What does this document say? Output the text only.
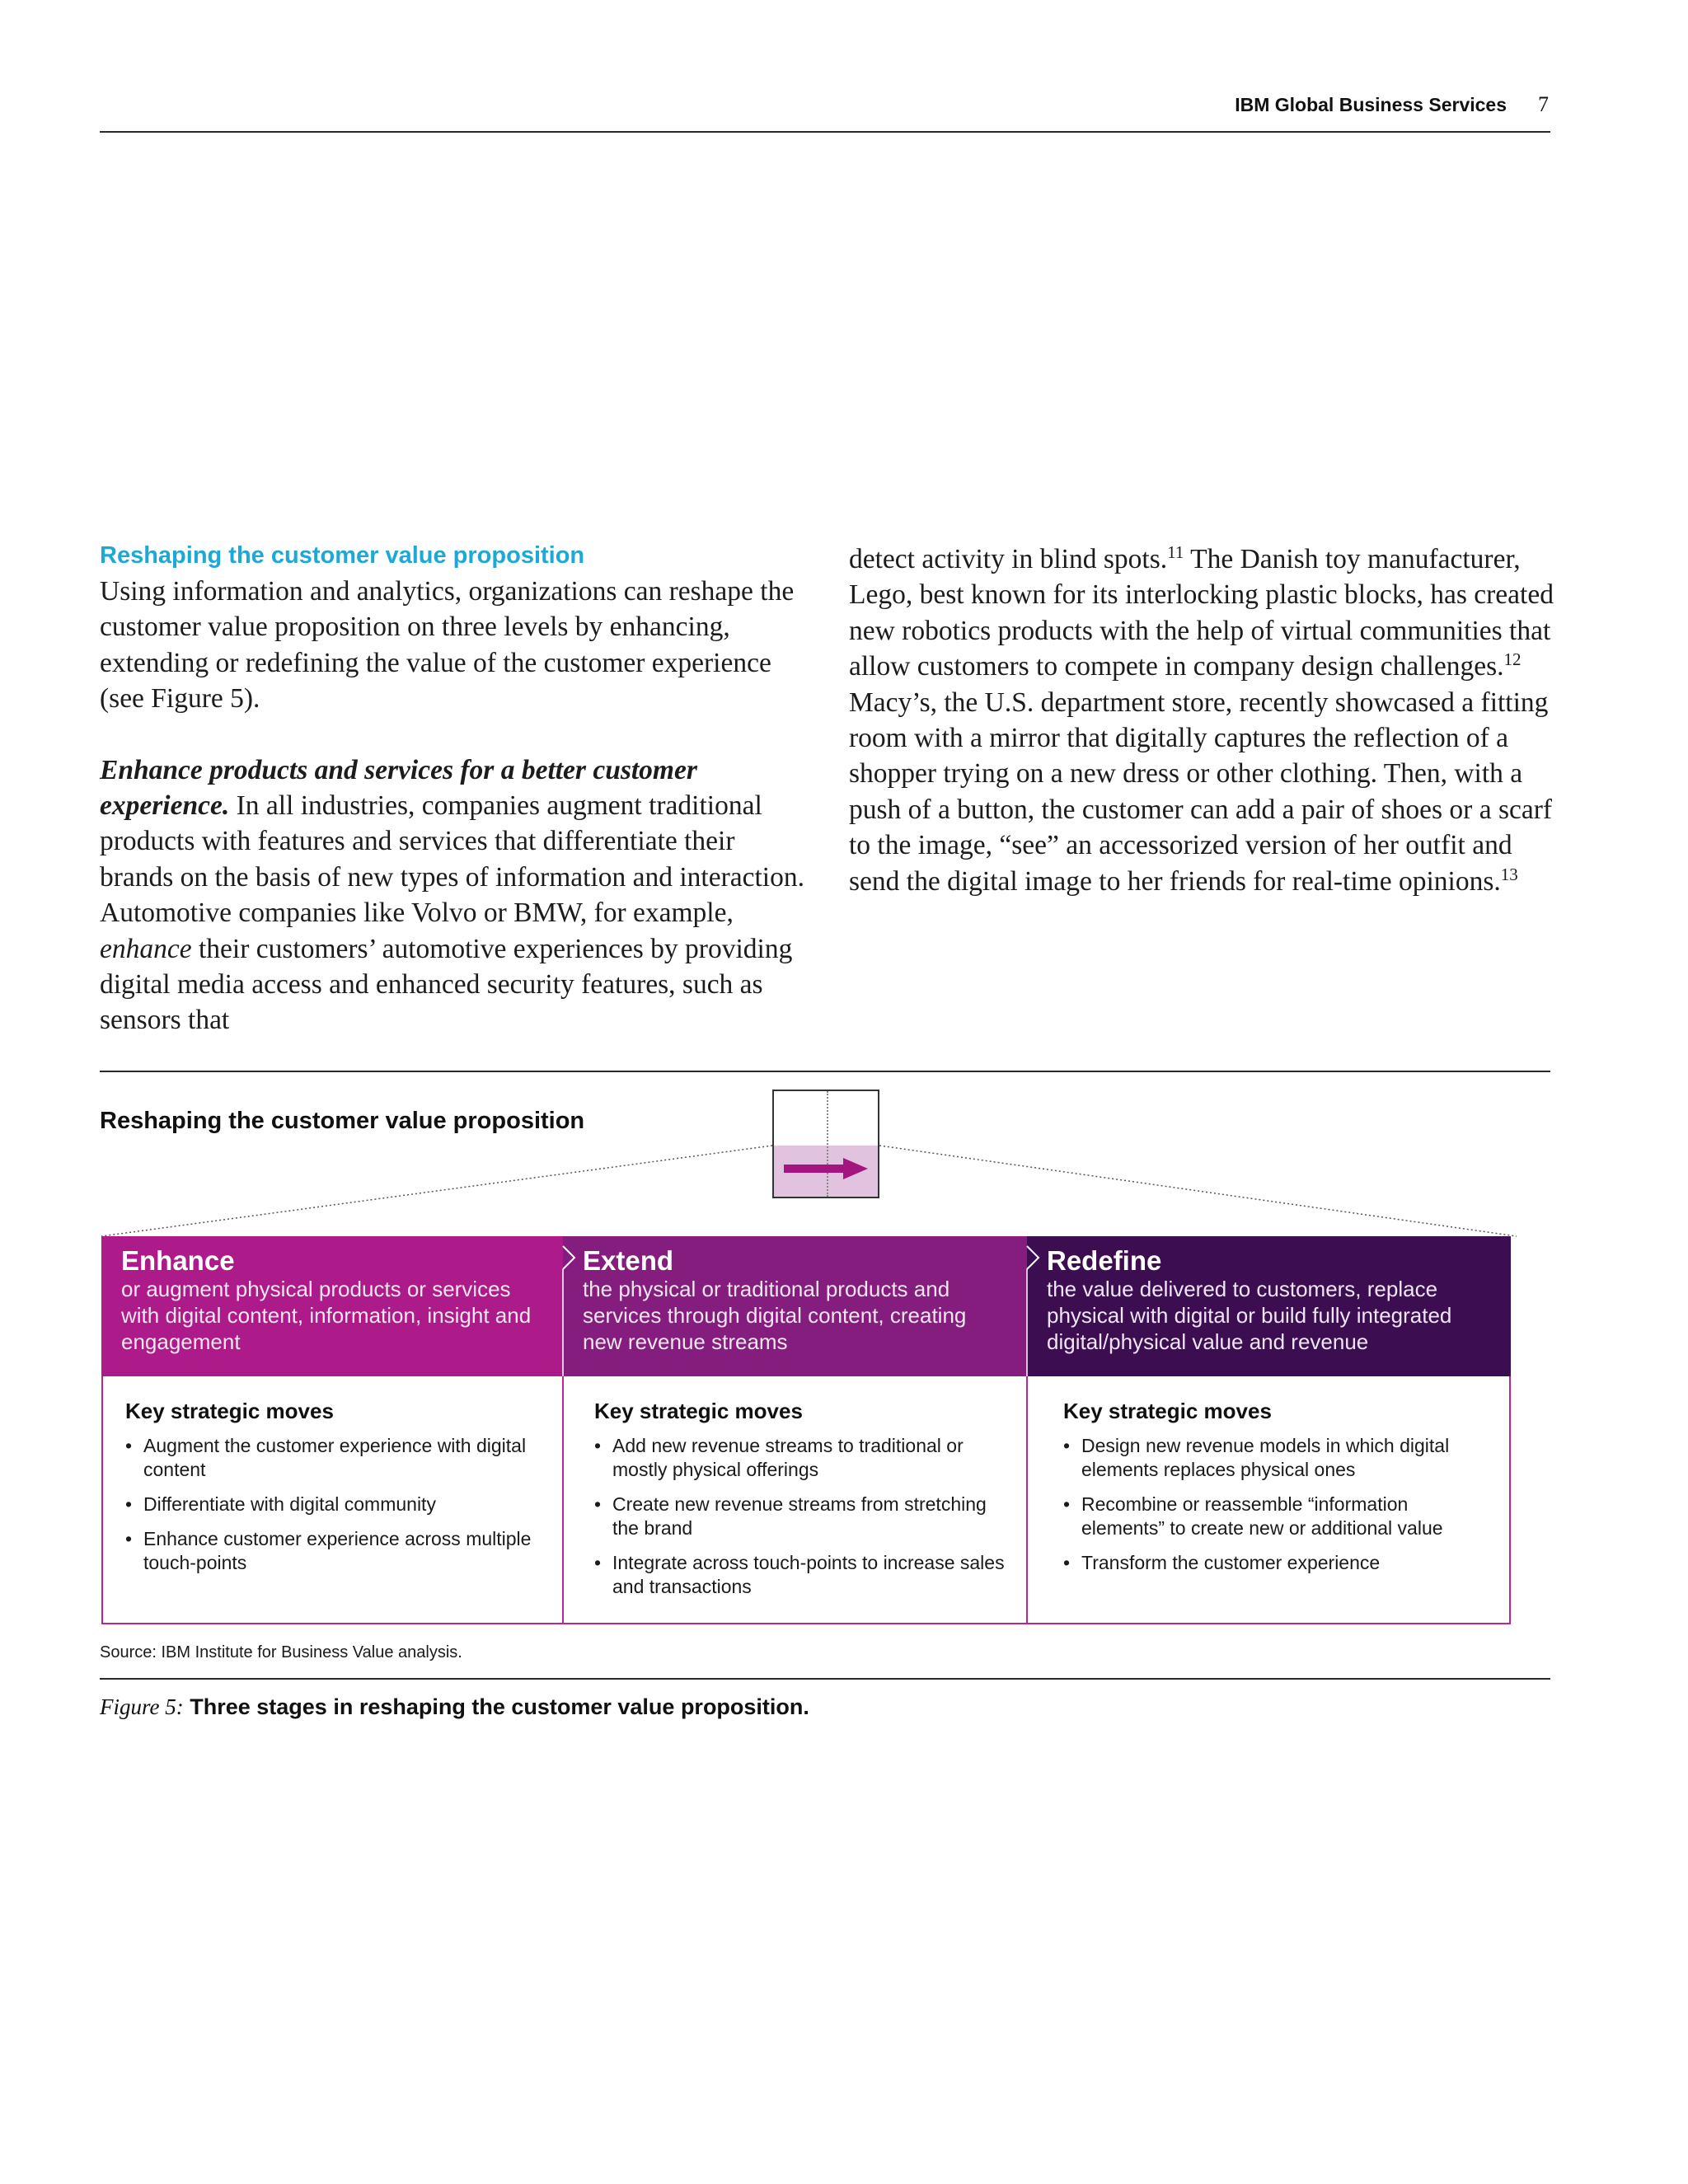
IBM Global Business Services 7

Reshaping the customer value proposition

Using information and analytics, organizations can reshape the customer value proposition on three levels by enhancing, extending or redefining the value of the customer experience (see Figure 5).

Enhance products and services for a better customer experience. In all industries, companies augment traditional products with features and services that differentiate their brands on the basis of new types of information and interaction. Automotive companies like Volvo or BMW, for example, enhance their customers’ automotive experiences by providing digital media access and enhanced security features, such as sensors that

detect activity in blind spots.$^{11}$ The Danish toy manufacturer, Lego, best known for its interlocking plastic blocks, has created new robotics products with the help of virtual communities that allow customers to compete in company design challenges.$^{12}$ Macy’s, the U.S. department store, recently showcased a fitting room with a mirror that digitally captures the reflection of a shopper trying on a new dress or other clothing. Then, with a push of a button, the customer can add a pair of shoes or a scarf to the image, “see” an accessorized version of her outfit and send the digital image to her friends for real-time opinions.$^{13}$

Reshaping the customer value proposition

Enhance

or augment physical products or services with digital content, information, insight and engagement

Extend

the physical or traditional products and services through digital content, creating new revenue streams

Redefine

the value delivered to customers, replace physical with digital or build fully integrated digital/physical value and revenue

Key strategic moves

• Augment the customer experience with digital content
• Differentiate with digital community
• Enhance customer experience across multiple touch-points

Key strategic moves

• Add new revenue streams to traditional or mostly physical offerings
• Create new revenue streams from stretching the brand
• Integrate across touch-points to increase sales and transactions

Key strategic moves

• Design new revenue models in which digital elements replaces physical ones
• Recombine or reassemble “information elements” to create new or additional value
• Transform the customer experience
Source: IBM Institute for Business Value analysis.
Figure 5: Three stages in reshaping the customer value proposition.
